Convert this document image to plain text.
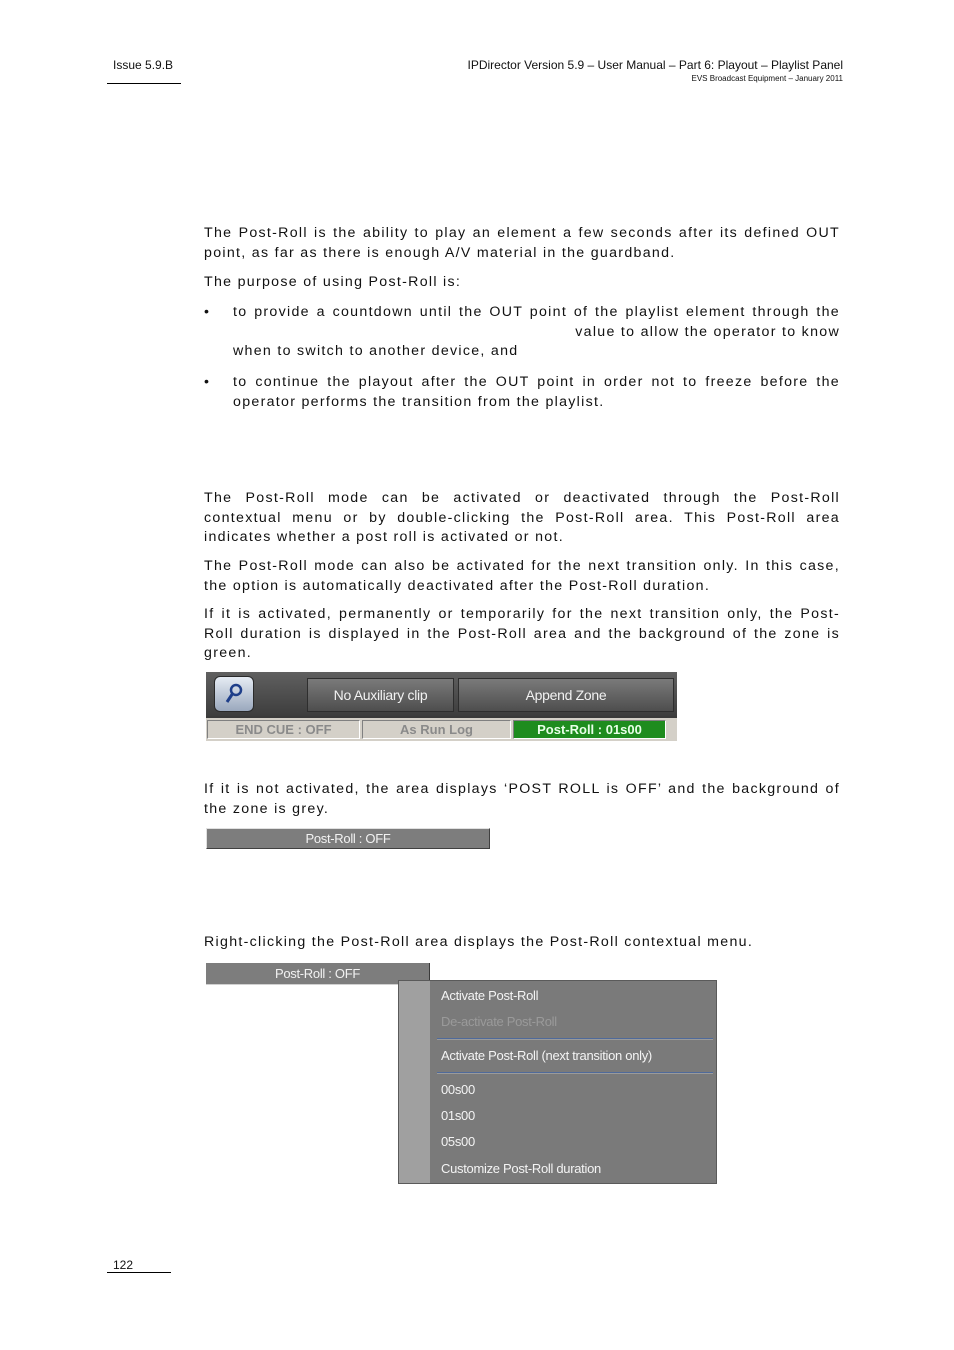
Issue 5.9.B	IPDirector Version 5.9 – User Manual – Part 6: Playout – Playlist Panel
EVS Broadcast Equipment – January 2011
The Post-Roll is the ability to play an element a few seconds after its defined OUT point, as far as there is enough A/V material in the guardband.
The purpose of using Post-Roll is:
•	to provide a countdown until the OUT point of the playlist element through the
value to allow the operator to know
when to switch to another device, and
•	to continue the playout after the OUT point in order not to freeze before the operator performs the transition from the playlist.
The Post-Roll mode can be activated or deactivated through the Post-Roll contextual menu or by double-clicking the Post-Roll area. This Post-Roll area indicates whether a post roll is activated or not.
The Post-Roll mode can also be activated for the next transition only. In this case, the option is automatically deactivated after the Post-Roll duration.
If it is activated, permanently or temporarily for the next transition only, the Post-Roll duration is displayed in the Post-Roll area and the background of the zone is green.
No Auxiliary clip	Append Zone
END CUE : OFF	As Run Log	Post-Roll : 01s00
If it is not activated, the area displays ‘POST ROLL is OFF’ and the background of the zone is grey.
Post-Roll : OFF
Right-clicking the Post-Roll area displays the Post-Roll contextual menu.
Post-Roll : OFF
Activate Post-Roll
De-activate Post-Roll
Activate Post-Roll (next transition only)
00s00
01s00
05s00
Customize Post-Roll duration
122
